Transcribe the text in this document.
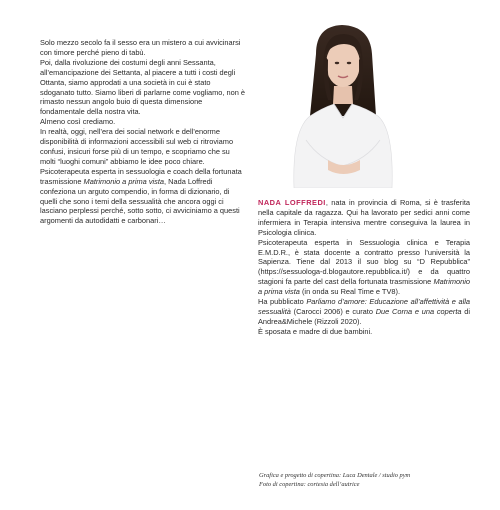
Solo mezzo secolo fa il sesso era un mistero a cui avvicinarsi con timore perché pieno di tabù.

Poi, dalla rivoluzione dei costumi degli anni Sessanta, all’emancipazione dei Settanta, al piacere a tutti i costi degli Ottanta, siamo approdati a una società in cui è stato sdoganato tutto. Siamo liberi di parlarne come vogliamo, non è rimasto nessun angolo buio di questa dimensione fondamentale della nostra vita.

Almeno così crediamo.

In realtà, oggi, nell’era dei social network e dell’enorme disponibilità di informazioni accessibili sul web ci ritroviamo confusi, insicuri forse più di un tempo, e scopriamo che su molti “luoghi comuni” abbiamo le idee poco chiare.

Psicoterapeuta esperta in sessuologia e coach della fortunata trasmissione Matrimonio a prima vista, Nada Loffredi confeziona un arguto compendio, in forma di dizionario, di quelli che sono i temi della sessualità che ancora oggi ci lasciano perplessi perché, sotto sotto, ci avviciniamo a questi argomenti da autodidatti e carbonari…

NADA LOFFREDI, nata in provincia di Roma, si è trasferita nella capitale da ragazza. Qui ha lavorato per sedici anni come infermiera in Terapia intensiva mentre conseguiva la laurea in Psicologia clinica.

Psicoterapeuta esperta in Sessuologia clinica e Terapia E.M.D.R., è stata docente a contratto presso l’università la Sapienza. Tiene dal 2013 il suo blog su “D Repubblica” (https://sessuologa-d.blogautore.repubblica.it/) e da quattro stagioni fa parte del cast della fortunata trasmissione Matrimonio a prima vista (in onda su Real Time e TV8).

Ha pubblicato Parliamo d’amore: Educazione all’affettività e alla sessualità (Carocci 2006) e curato Due Corna e una coperta di Andrea&Michele (Rizzoli 2020).

È sposata e madre di due bambini.

Grafica e progetto di copertina: Luca Dentale / studio pym
Foto di copertina: cortesia dell’autrice
